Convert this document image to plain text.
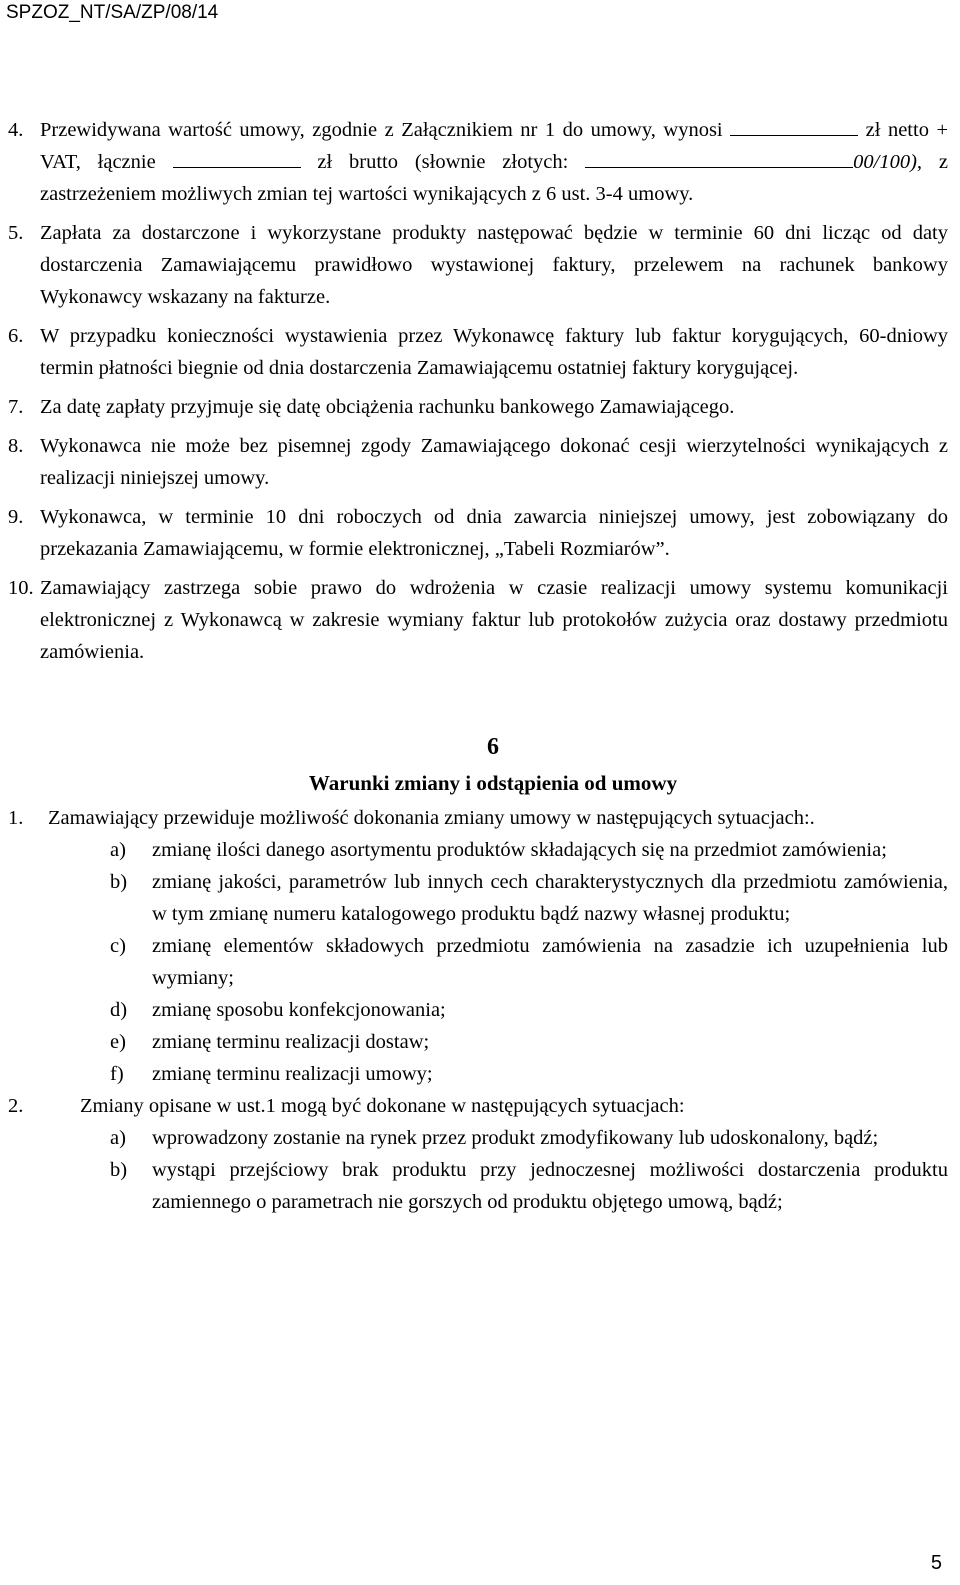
SPZOZ_NT/SA/ZP/08/14
4. Przewidywana wartość umowy, zgodnie z Załącznikiem nr 1 do umowy, wynosi	zł netto + VAT, łącznie	zł brutto (słownie złotych:	00/100), z zastrzeżeniem możliwych zmian tej wartości wynikających z 6 ust. 3-4 umowy.
5. Zapłata za dostarczone i wykorzystane produkty następować będzie w terminie 60 dni licząc od daty dostarczenia Zamawiającemu prawidłowo wystawionej faktury, przelewem na rachunek bankowy Wykonawcy wskazany na fakturze.
6. W przypadku konieczności wystawienia przez Wykonawcę faktury lub faktur korygujących, 60-dniowy termin płatności biegnie od dnia dostarczenia Zamawiającemu ostatniej faktury korygującej.
7. Za datę zapłaty przyjmuje się datę obciążenia rachunku bankowego Zamawiającego.
8. Wykonawca nie może bez pisemnej zgody Zamawiającego dokonać cesji wierzytelności wynikających z realizacji niniejszej umowy.
9. Wykonawca, w terminie 10 dni roboczych od dnia zawarcia niniejszej umowy, jest zobowiązany do przekazania Zamawiającemu, w formie elektronicznej, „Tabeli Rozmiarów”.
10. Zamawiający zastrzega sobie prawo do wdrożenia w czasie realizacji umowy systemu komunikacji elektronicznej z Wykonawcą w zakresie wymiany faktur lub protokołów zużycia oraz dostawy przedmiotu zamówienia.
6
Warunki zmiany i odstąpienia od umowy
1.	Zamawiający przewiduje możliwość dokonania zmiany umowy w następujących sytuacjach:.
a)	zmianę ilości danego asortymentu produktów składających się na przedmiot zamówienia;
b)	zmianę jakości, parametrów lub innych cech charakterystycznych dla przedmiotu zamówienia, w tym zmianę numeru katalogowego produktu bądź nazwy własnej produktu;
c)	zmianę elementów składowych przedmiotu zamówienia na zasadzie ich uzupełnienia lub wymiany;
d)	zmianę sposobu konfekcjonowania;
e)	zmianę terminu realizacji dostaw;
f)	zmianę terminu realizacji umowy;
2.	Zmiany opisane w ust.1 mogą być dokonane w następujących sytuacjach:
a)	wprowadzony zostanie na rynek przez produkt zmodyfikowany lub udoskonalony, bądź;
b)	wystąpi przejściowy brak produktu przy jednoczesnej możliwości dostarczenia produktu zamiennego o parametrach nie gorszych od produktu objętego umową, bądź;
5
